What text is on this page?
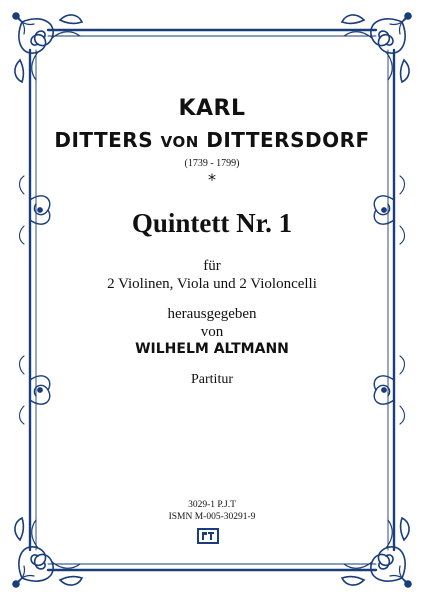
KARL
DITTERS VON DITTERSDORF
(1739 - 1799)
*
Quintett Nr. 1
für
2 Violinen, Viola und 2 Violoncelli
herausgegeben
von
WILHELM ALTMANN
Partitur
3029-1 P.J.T
ISMN M-005-30291-9
